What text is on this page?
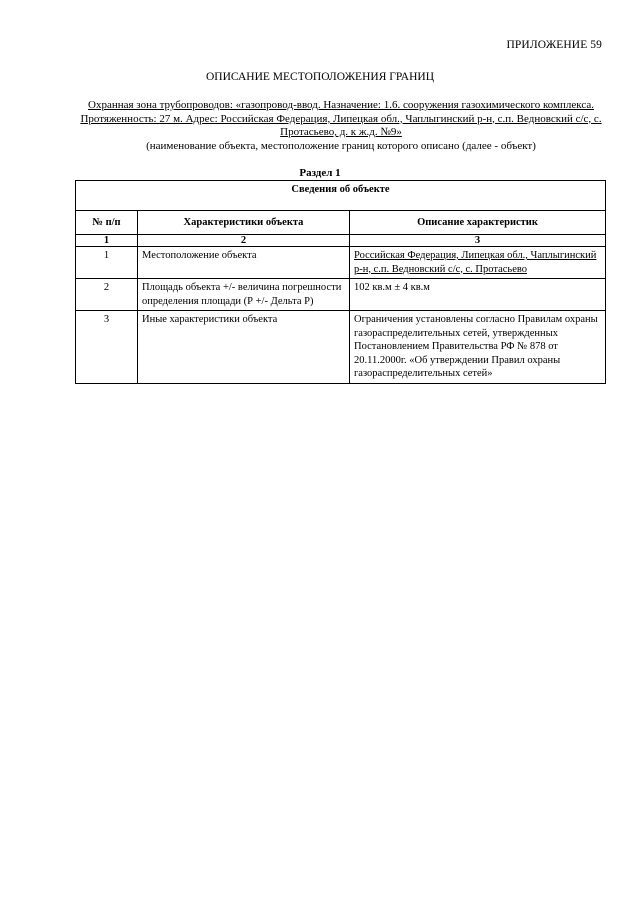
ПРИЛОЖЕНИЕ 59
ОПИСАНИЕ МЕСТОПОЛОЖЕНИЯ ГРАНИЦ
Охранная зона трубопроводов: «газопровод-ввод. Назначение: 1.6. сооружения газохимического комплекса. Протяженность: 27 м. Адрес: Российская Федерация, Липецкая обл., Чаплыгинский р-н, с.п. Ведновский с/с, с. Протасьево, д. к ж.д. №9»
(наименование объекта, местоположение границ которого описано (далее - объект)
Раздел 1
Сведения об объекте		
№ п/п	Характеристики объекта	Описание характеристик
1	2	3
1	Местоположение объекта	Российская Федерация, Липецкая обл., Чаплыгинский р-н, с.п. Ведновский с/с, с. Протасьево
2	Площадь объекта +/- величина погрешности определения площади (Р +/- Дельта Р)	102 кв.м ± 4 кв.м
3	Иные характеристики объекта	Ограничения установлены согласно Правилам охраны газораспределительных сетей, утвержденных Постановлением Правительства РФ № 878 от 20.11.2000г. «Об утверждении Правил охраны газораспределительных сетей»
